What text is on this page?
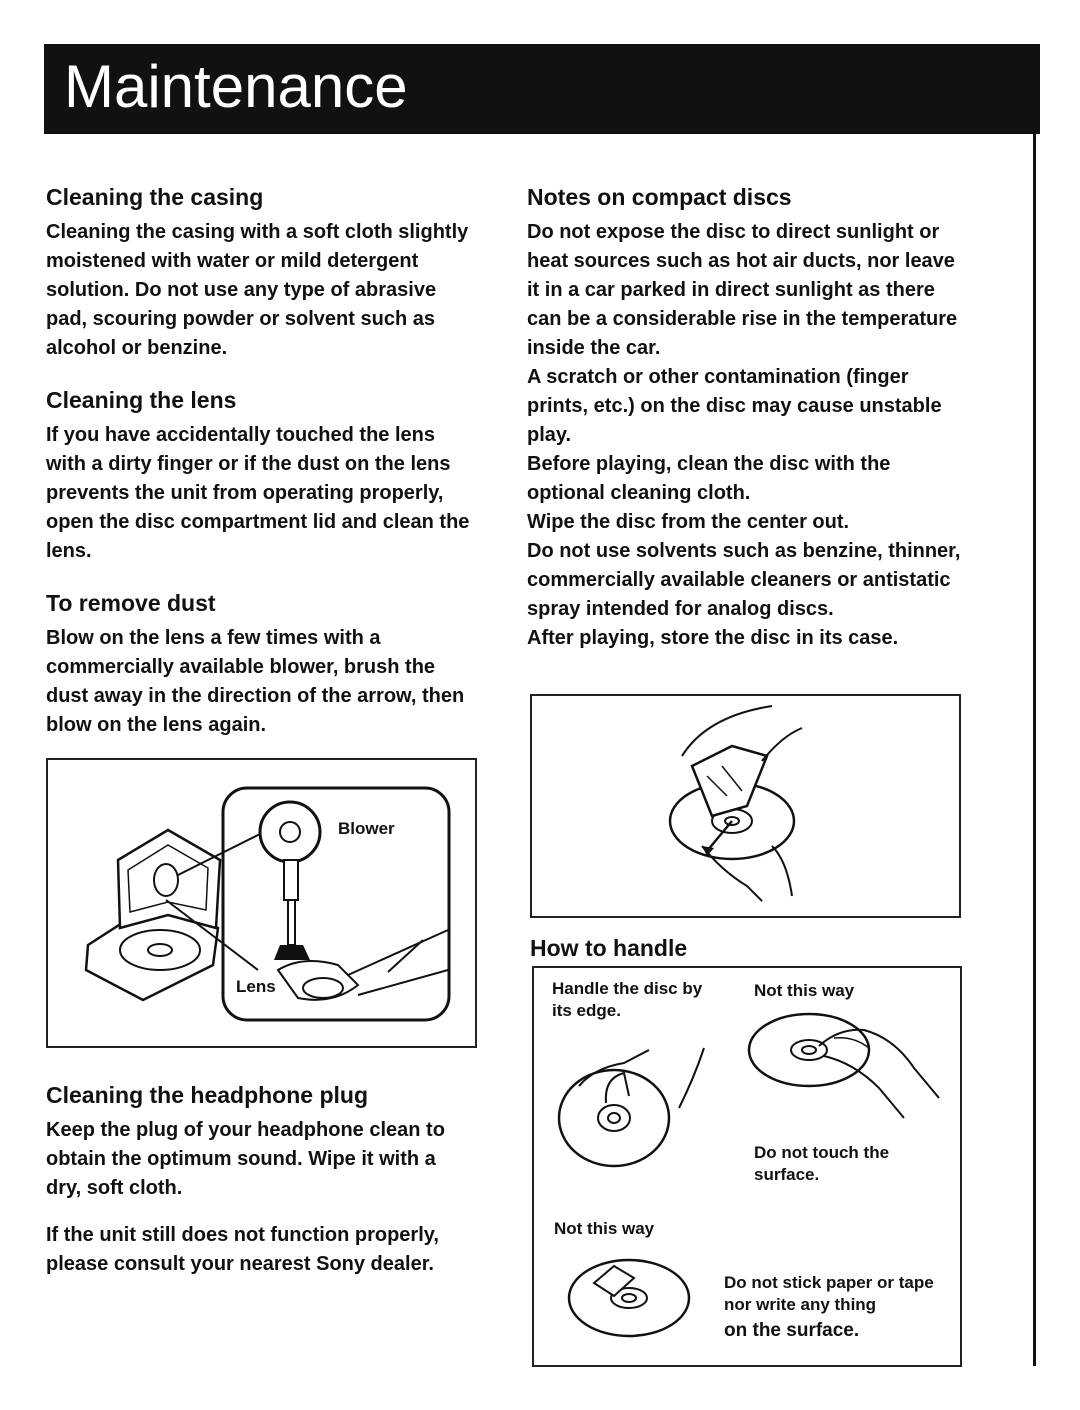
Maintenance
Cleaning the casing

Cleaning the casing with a soft cloth slightly moistened with water or mild detergent solution. Do not use any type of abrasive pad, scouring powder or solvent such as alcohol or benzine.

Cleaning the lens

If you have accidentally touched the lens with a dirty finger or if the dust on the lens prevents the unit from operating properly, open the disc compartment lid and clean the lens.

To remove dust

Blow on the lens a few times with a commercially available blower, brush the dust away in the direction of the arrow, then blow on the lens again.

Blower
Lens
Cleaning the headphone plug

Keep the plug of your headphone clean to obtain the optimum sound. Wipe it with a dry, soft cloth.

If the unit still does not function properly, please consult your nearest Sony dealer.

Notes on compact discs

Do not expose the disc to direct sunlight or heat sources such as hot air ducts, nor leave it in a car parked in direct sunlight as there can be a considerable rise in the temperature inside the car.

A scratch or other contamination (finger prints, etc.) on the disc may cause unstable play.

Before playing, clean the disc with the optional cleaning cloth.

Wipe the disc from the center out.

Do not use solvents such as benzine, thinner, commercially available cleaners or antistatic spray intended for analog discs.

After playing, store the disc in its case.

How to handle
Handle the disc by its edge.
Not this way
Do not touch the surface.
Not this way
Do not stick paper or tape nor write any thing
on the surface.
